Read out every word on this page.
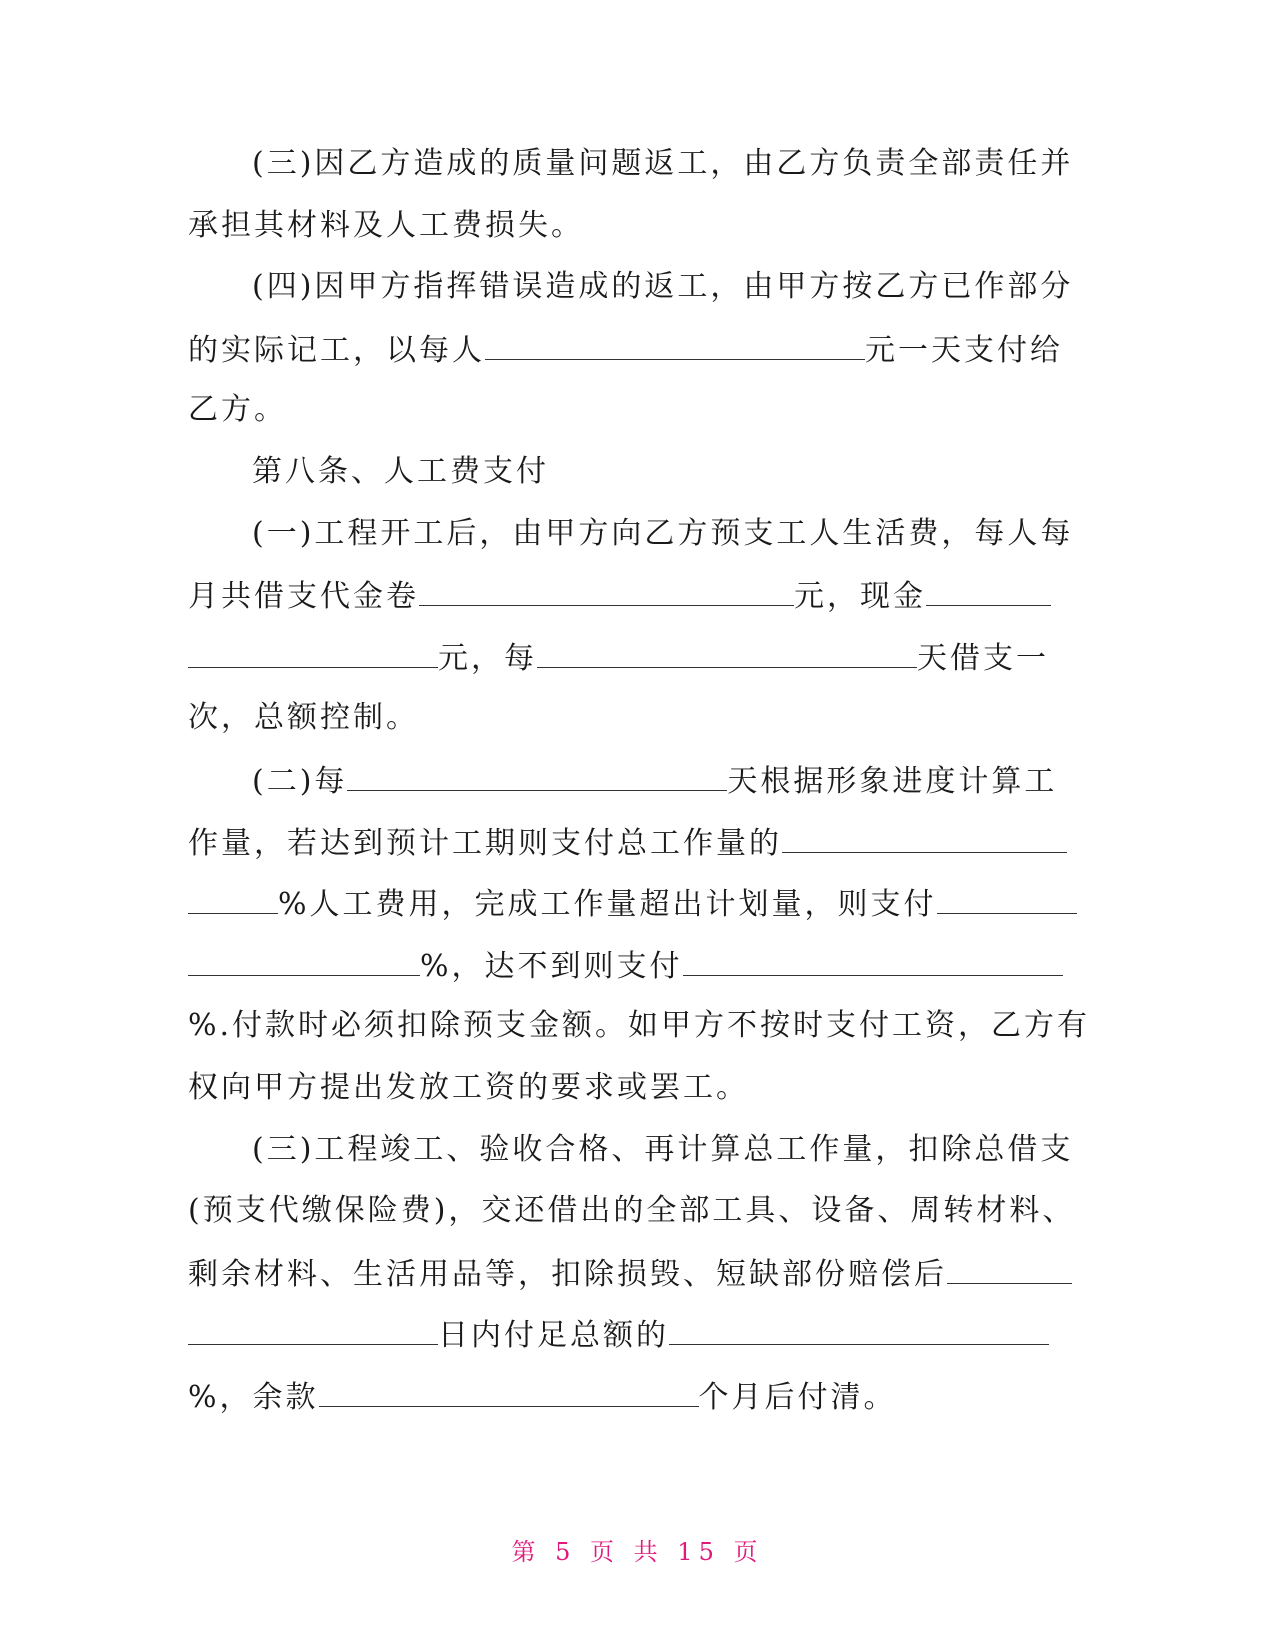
(三)因乙方造成的质量问题返工，由乙方负责全部责任并
承担其材料及人工费损失。
(四)因甲方指挥错误造成的返工，由甲方按乙方已作部分
的实际记工，以每人	元一天支付给
乙方。
第八条、人工费支付
(一)工程开工后，由甲方向乙方预支工人生活费，每人每
月共借支代金卷	元，现金
元，每	天借支一
次，总额控制。
(二)每	天根据形象进度计算工
作量，若达到预计工期则支付总工作量的
%人工费用，完成工作量超出计划量，则支付
%，达不到则支付
%.付款时必须扣除预支金额。如甲方不按时支付工资，乙方有
权向甲方提出发放工资的要求或罢工。
(三)工程竣工、验收合格、再计算总工作量，扣除总借支
(预支代缴保险费)，交还借出的全部工具、设备、周转材料、
剩余材料、生活用品等，扣除损毁、短缺部份赔偿后
日内付足总额的
%，余款	个月后付清。
第 5 页 共 15 页
